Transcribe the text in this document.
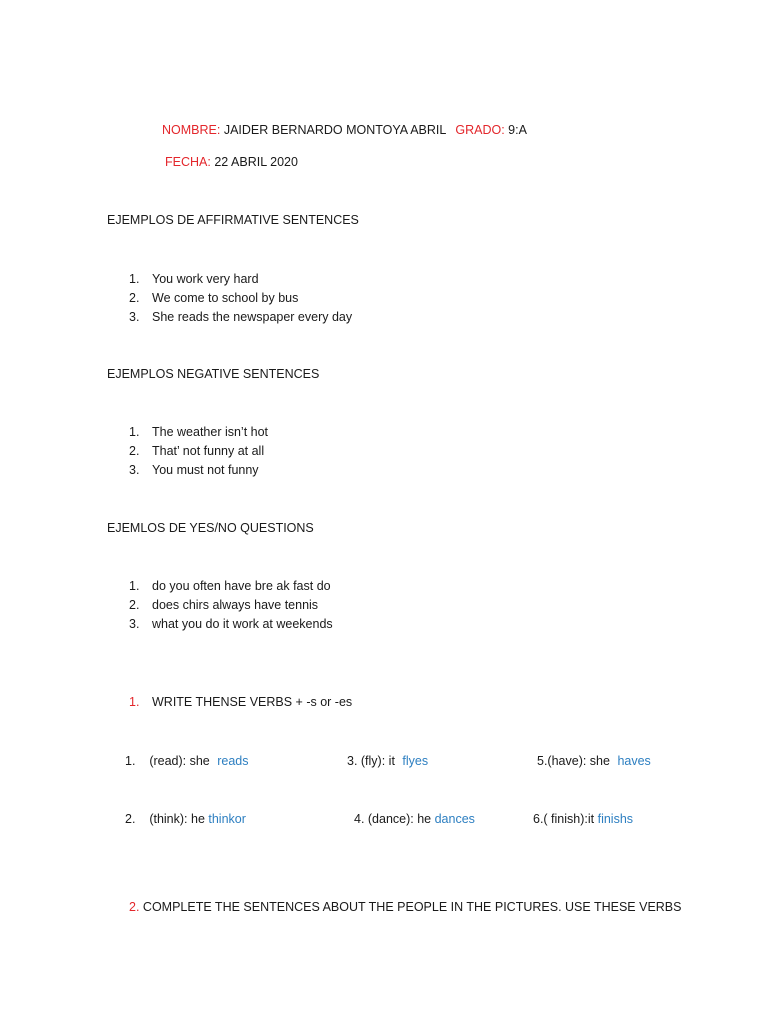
NOMBRE: JAIDER BERNARDO MONTOYA ABRIL GRADO: 9:A
FECHA: 22 ABRIL 2020
EJEMPLOS DE AFFIRMATIVE SENTENCES
1. You work very hard
2. We come to school by bus
3. She reads the newspaper every day
EJEMPLOS NEGATIVE SENTENCES
1. The weather isn’t hot
2. That’ not funny at all
3. You must not funny
EJEMLOS DE YES/NO QUESTIONS
1. do you often have bre ak fast do
2. does chirs always have tennis
3. what you do it work at weekends
1. WRITE THENSE VERBS + -s or -es
1.    (read): she reads	3. (fly): it flyes	5.(have): she haves
2.    (think): he thinkor	4. (dance): he dances	6.( finish):it finishs
2. COMPLETE THE SENTENCES ABOUT THE PEOPLE IN THE PICTURES. USE THESE VERBS
